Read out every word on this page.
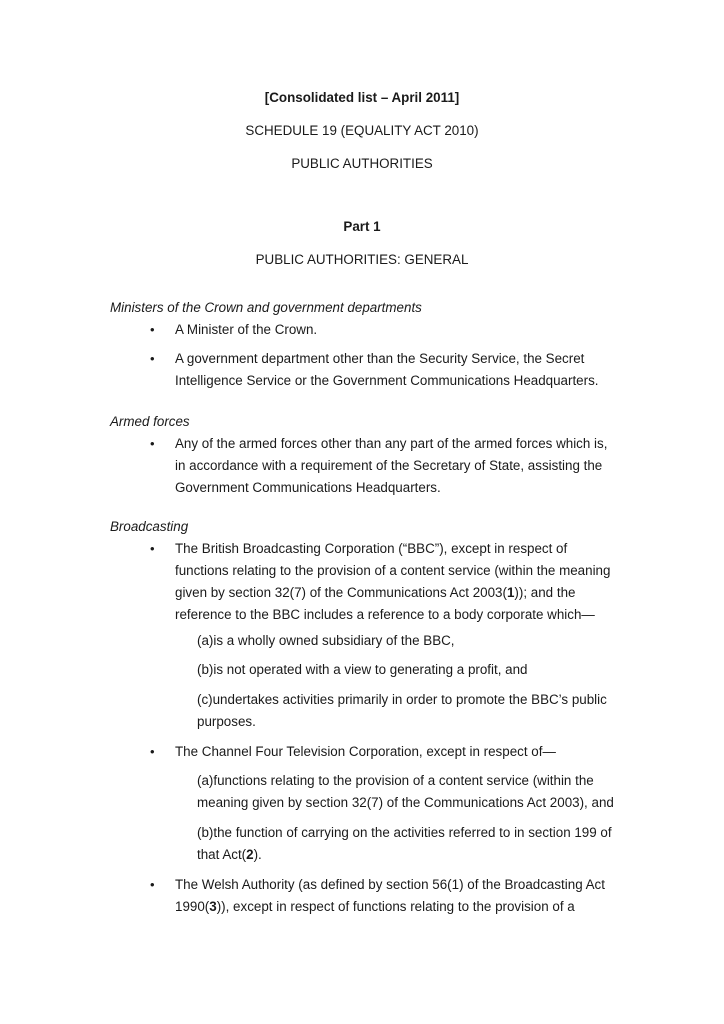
[Consolidated list – April 2011]
SCHEDULE 19 (EQUALITY ACT 2010)
PUBLIC AUTHORITIES
Part 1
PUBLIC AUTHORITIES: GENERAL
Ministers of the Crown and government departments
•	A Minister of the Crown.
•	A government department other than the Security Service, the Secret
Intelligence Service or the Government Communications Headquarters.
Armed forces
•	Any of the armed forces other than any part of the armed forces which is,
in accordance with a requirement of the Secretary of State, assisting the
Government Communications Headquarters.
Broadcasting
•	The British Broadcasting Corporation (“BBC”), except in respect of
functions relating to the provision of a content service (within the meaning
given by section 32(7) of the Communications Act 2003(1)); and the
reference to the BBC includes a reference to a body corporate which—
(a)is a wholly owned subsidiary of the BBC,
(b)is not operated with a view to generating a profit, and
(c)undertakes activities primarily in order to promote the BBC’s public
purposes.
•	The Channel Four Television Corporation, except in respect of—
(a)functions relating to the provision of a content service (within the
meaning given by section 32(7) of the Communications Act 2003), and
(b)the function of carrying on the activities referred to in section 199 of
that Act(2).
•	The Welsh Authority (as defined by section 56(1) of the Broadcasting Act
1990(3)), except in respect of functions relating to the provision of a
